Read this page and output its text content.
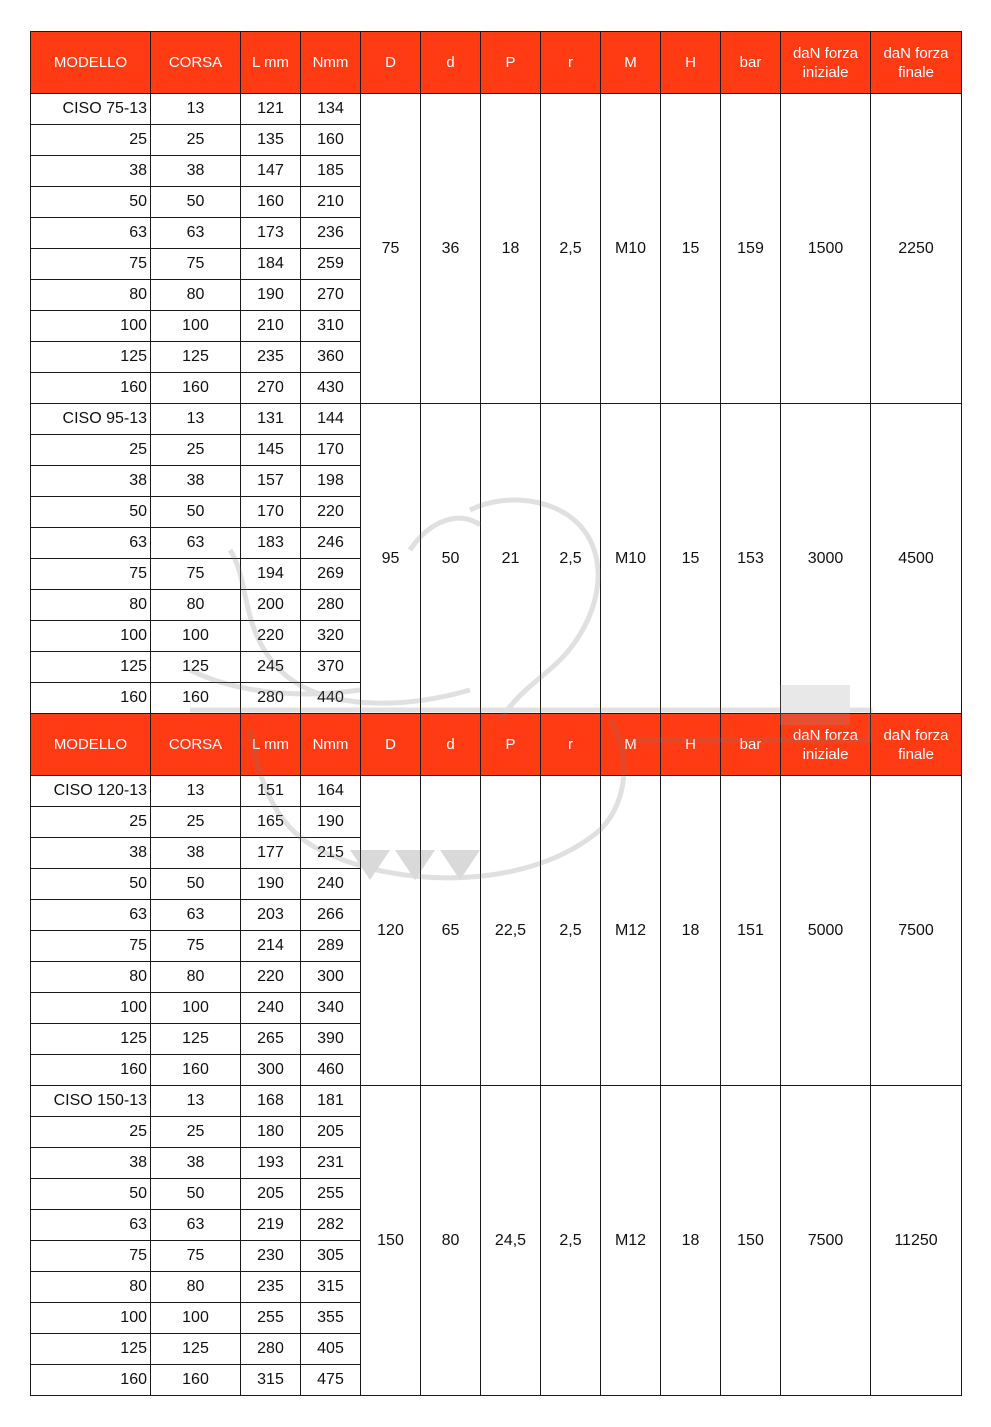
MODELLO	CORSA	L mm	Nmm	D	d	P	r	M	H	bar	daN forza iniziale	daN forza finale
CISO 75-13	13	121	134	75	36	18	2,5	M10	15	159	1500	2250
25	25	135	160									
38	38	147	185									
50	50	160	210									
63	63	173	236									
75	75	184	259									
80	80	190	270									
100	100	210	310									
125	125	235	360									
160	160	270	430									
CISO 95-13	13	131	144	95	50	21	2,5	M10	15	153	3000	4500
25	25	145	170									
38	38	157	198									
50	50	170	220									
63	63	183	246									
75	75	194	269									
80	80	200	280									
100	100	220	320									
125	125	245	370									
160	160	280	440									
MODELLO	CORSA	L mm	Nmm	D	d	P	r	M	H	bar	daN forza iniziale	daN forza finale
CISO 120-13	13	151	164	120	65	22,5	2,5	M12	18	151	5000	7500
25	25	165	190									
38	38	177	215									
50	50	190	240									
63	63	203	266									
75	75	214	289									
80	80	220	300									
100	100	240	340									
125	125	265	390									
160	160	300	460									
CISO 150-13	13	168	181	150	80	24,5	2,5	M12	18	150	7500	11250
25	25	180	205									
38	38	193	231									
50	50	205	255									
63	63	219	282									
75	75	230	305									
80	80	235	315									
100	100	255	355									
125	125	280	405									
160	160	315	475									
